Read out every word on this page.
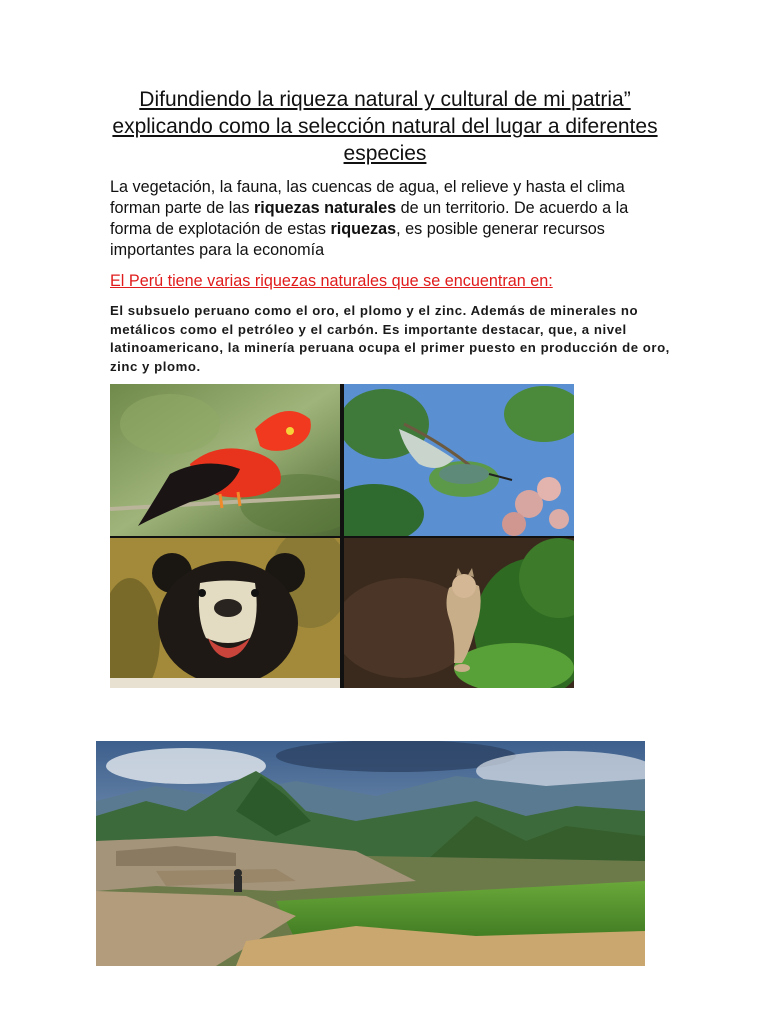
Difundiendo la riqueza natural y cultural de mi patria” explicando como la selección natural del lugar a diferentes especies
La vegetación, la fauna, las cuencas de agua, el relieve y hasta el clima forman parte de las riquezas naturales de un territorio. De acuerdo a la forma de explotación de estas riquezas, es posible generar recursos importantes para la economía
El Perú tiene varias riquezas naturales que se encuentran en:
El subsuelo peruano como el oro, el plomo y el zinc. Además de minerales no metálicos como el petróleo y el carbón. Es importante destacar, que, a nivel latinoamericano, la minería peruana ocupa el primer puesto en producción de oro, zinc y plomo.
